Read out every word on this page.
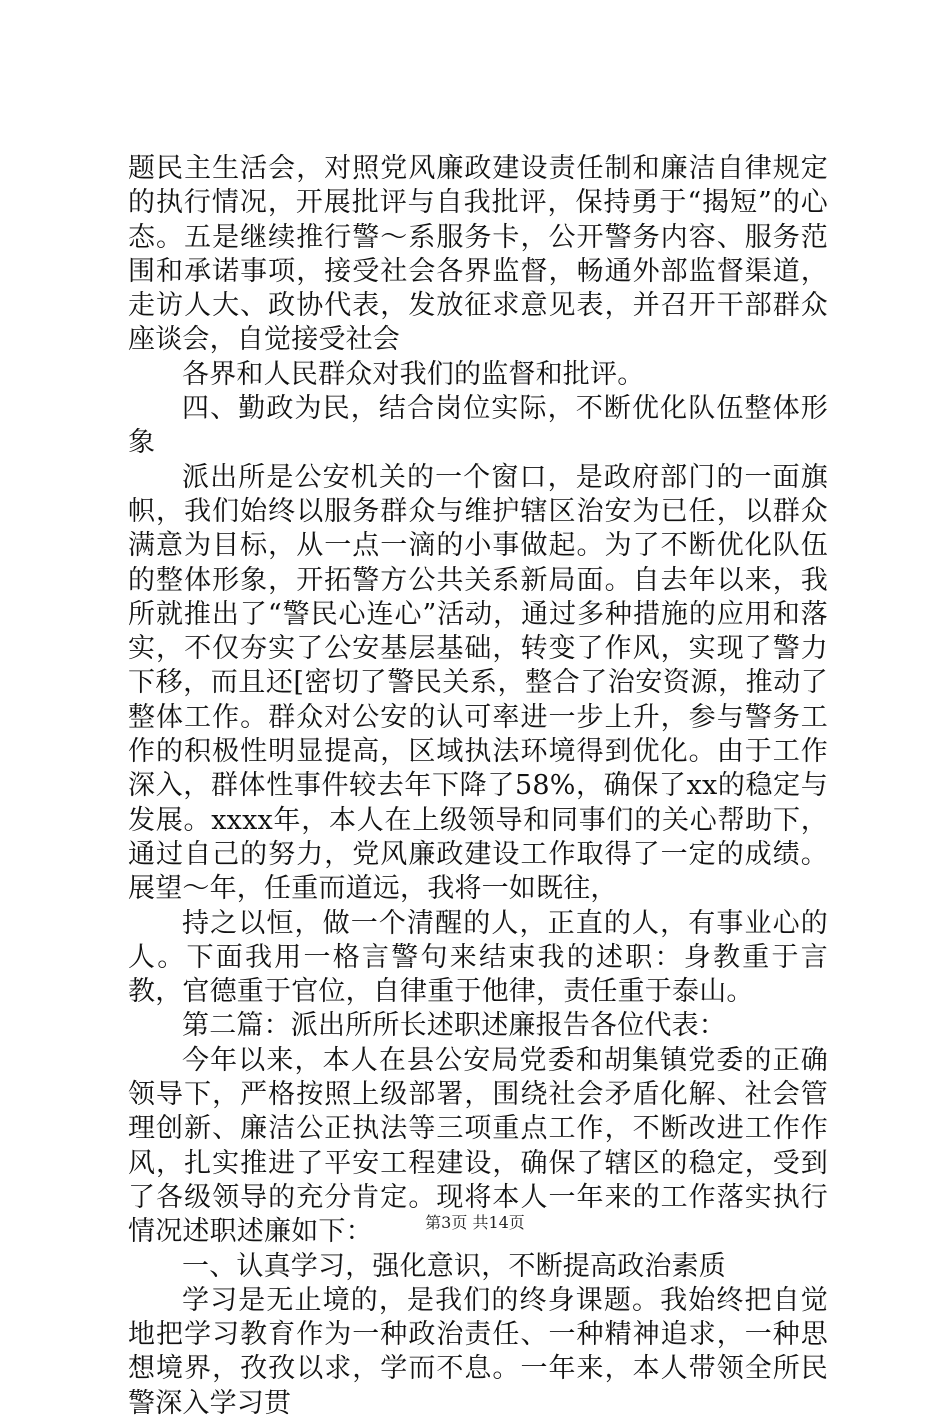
题民主生活会，对照党风廉政建设责任制和廉洁自律规定的执行情况，开展批评与自我批评，保持勇于“揭短”的心态。五是继续推行警～系服务卡，公开警务内容、服务范围和承诺事项，接受社会各界监督，畅通外部监督渠道，走访人大、政协代表，发放征求意见表，并召开干部群众座谈会，自觉接受社会

各界和人民群众对我们的监督和批评。

四、勤政为民，结合岗位实际，不断优化队伍整体形象

派出所是公安机关的一个窗口，是政府部门的一面旗帜，我们始终以服务群众与维护辖区治安为已任，以群众满意为目标，从一点一滴的小事做起。为了不断优化队伍的整体形象，开拓警方公共关系新局面。自去年以来，我所就推出了“警民心连心”活动，通过多种措施的应用和落实，不仅夯实了公安基层基础，转变了作风，实现了警力下移，而且还[密切了警民关系，整合了治安资源，推动了整体工作。群众对公安的认可率进一步上升，参与警务工作的积极性明显提高，区域执法环境得到优化。由于工作深入，群体性事件较去年下降了58%，确保了xx的稳定与发展。xxxx年，本人在上级领导和同事们的关心帮助下，通过自己的努力，党风廉政建设工作取得了一定的成绩。展望～年，任重而道远，我将一如既往，

持之以恒，做一个清醒的人，正直的人，有事业心的人。下面我用一格言警句来结束我的述职：身教重于言教，官德重于官位，自律重于他律，责任重于泰山。

第二篇：派出所所长述职述廉报告各位代表：

今年以来，本人在县公安局党委和胡集镇党委的正确领导下，严格按照上级部署，围绕社会矛盾化解、社会管理创新、廉洁公正执法等三项重点工作，不断改进工作作风，扎实推进了平安工程建设，确保了辖区的稳定，受到了各级领导的充分肯定。现将本人一年来的工作落实执行情况述职述廉如下：

一、认真学习，强化意识，不断提高政治素质

学习是无止境的，是我们的终身课题。我始终把自觉地把学习教育作为一种政治责任、一种精神追求，一种思想境界，孜孜以求，学而不息。一年来，本人带领全所民警深入学习贯

第3页 共14页
